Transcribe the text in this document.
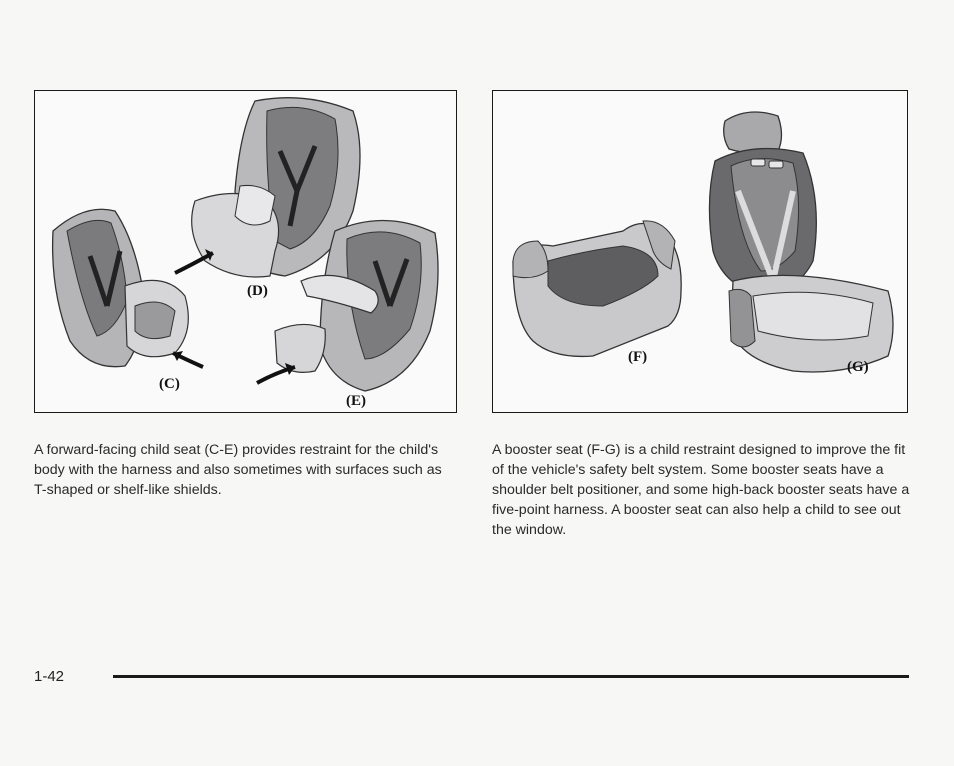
(D)
(C)
(E)
(F)
(G)

A forward-facing child seat (C-E) provides restraint for the child's body with the harness and also sometimes with surfaces such as T-shaped or shelf-like shields.

A booster seat (F-G) is a child restraint designed to improve the fit of the vehicle's safety belt system. Some booster seats have a shoulder belt positioner, and some high-back booster seats have a five-point harness. A booster seat can also help a child to see out the window.

1-42
